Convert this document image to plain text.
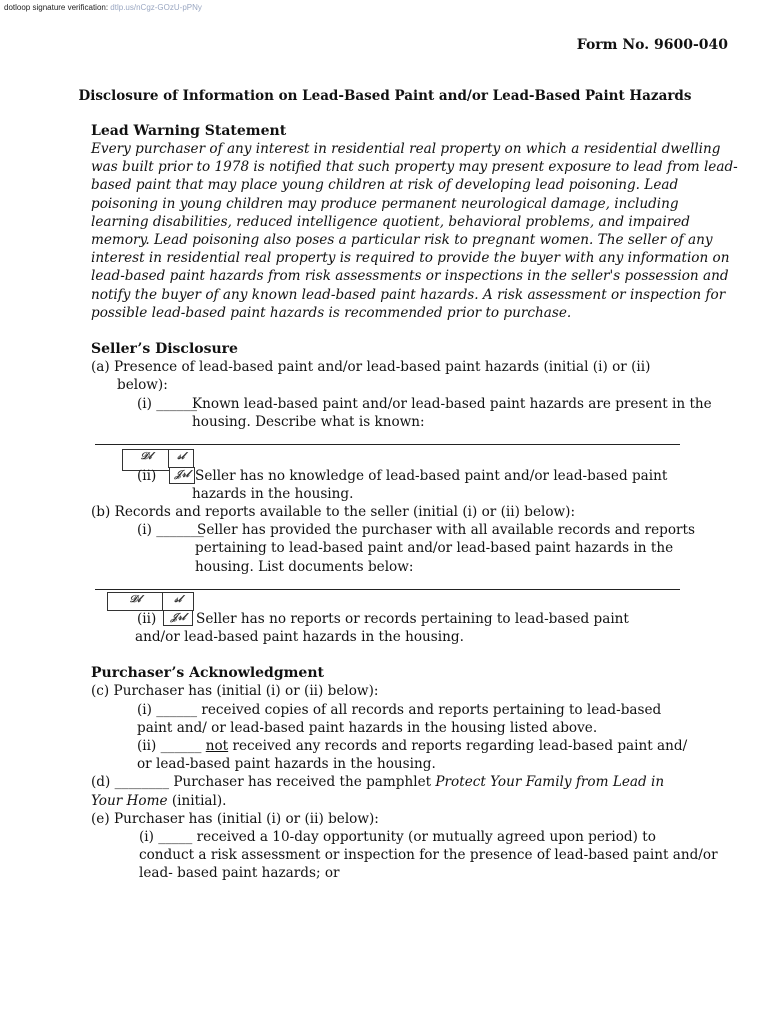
dotloop signature verification: dtlp.us/nCgz-GOzU-pPNy
Form No. 9600-040
Disclosure of Information on Lead-Based Paint and/or Lead-Based Paint Hazards
Lead Warning Statement
Every purchaser of any interest in residential real property on which a residential dwelling
was built prior to 1978 is notified that such property may present exposure to lead from lead-
based paint that may place young children at risk of developing lead poisoning. Lead
poisoning in young children may produce permanent neurological damage, including
learning disabilities, reduced intelligence quotient, behavioral problems, and impaired
memory. Lead poisoning also poses a particular risk to pregnant women. The seller of any
interest in residential real property is required to provide the buyer with any information on
lead-based paint hazards from risk assessments or inspections in the seller's possession and
notify the buyer of any known lead-based paint hazards. A risk assessment or inspection for
possible lead-based paint hazards is recommended prior to purchase.
Seller’s Disclosure
(a) Presence of lead-based paint and/or lead-based paint hazards (initial (i) or (ii)
below):
(i) ______
Known lead-based paint and/or lead-based paint hazards are present in the
housing. Describe what is known:
𝒟𝓁	𝓈𝓁
𝒥𝓇𝓁
(ii)	Seller has no knowledge of lead-based paint and/or lead-based paint
hazards in the housing.
(b) Records and reports available to the seller (initial (i) or (ii) below):
(i) _______
Seller has provided the purchaser with all available records and reports
pertaining to lead-based paint and/or lead-based paint hazards in the
housing. List documents below:
𝒟𝓁	𝓈𝓁
𝒥𝓇𝓁
(ii)	Seller has no reports or records pertaining to lead-based paint
and/or lead-based paint hazards in the housing.
Purchaser’s Acknowledgment
(c) Purchaser has (initial (i) or (ii) below):
(i) ______ received copies of all records and reports pertaining to lead-based
paint and/ or lead-based paint hazards in the housing listed above.
(ii) ______ not received any records and reports regarding lead-based paint and/
or lead-based paint hazards in the housing.
(d) ________ Purchaser has received the pamphlet Protect Your Family from Lead in
Your Home (initial).
(e) Purchaser has (initial (i) or (ii) below):
(i) _____ received a 10-day opportunity (or mutually agreed upon period) to
conduct a risk assessment or inspection for the presence of lead-based paint and/or
lead- based paint hazards; or
